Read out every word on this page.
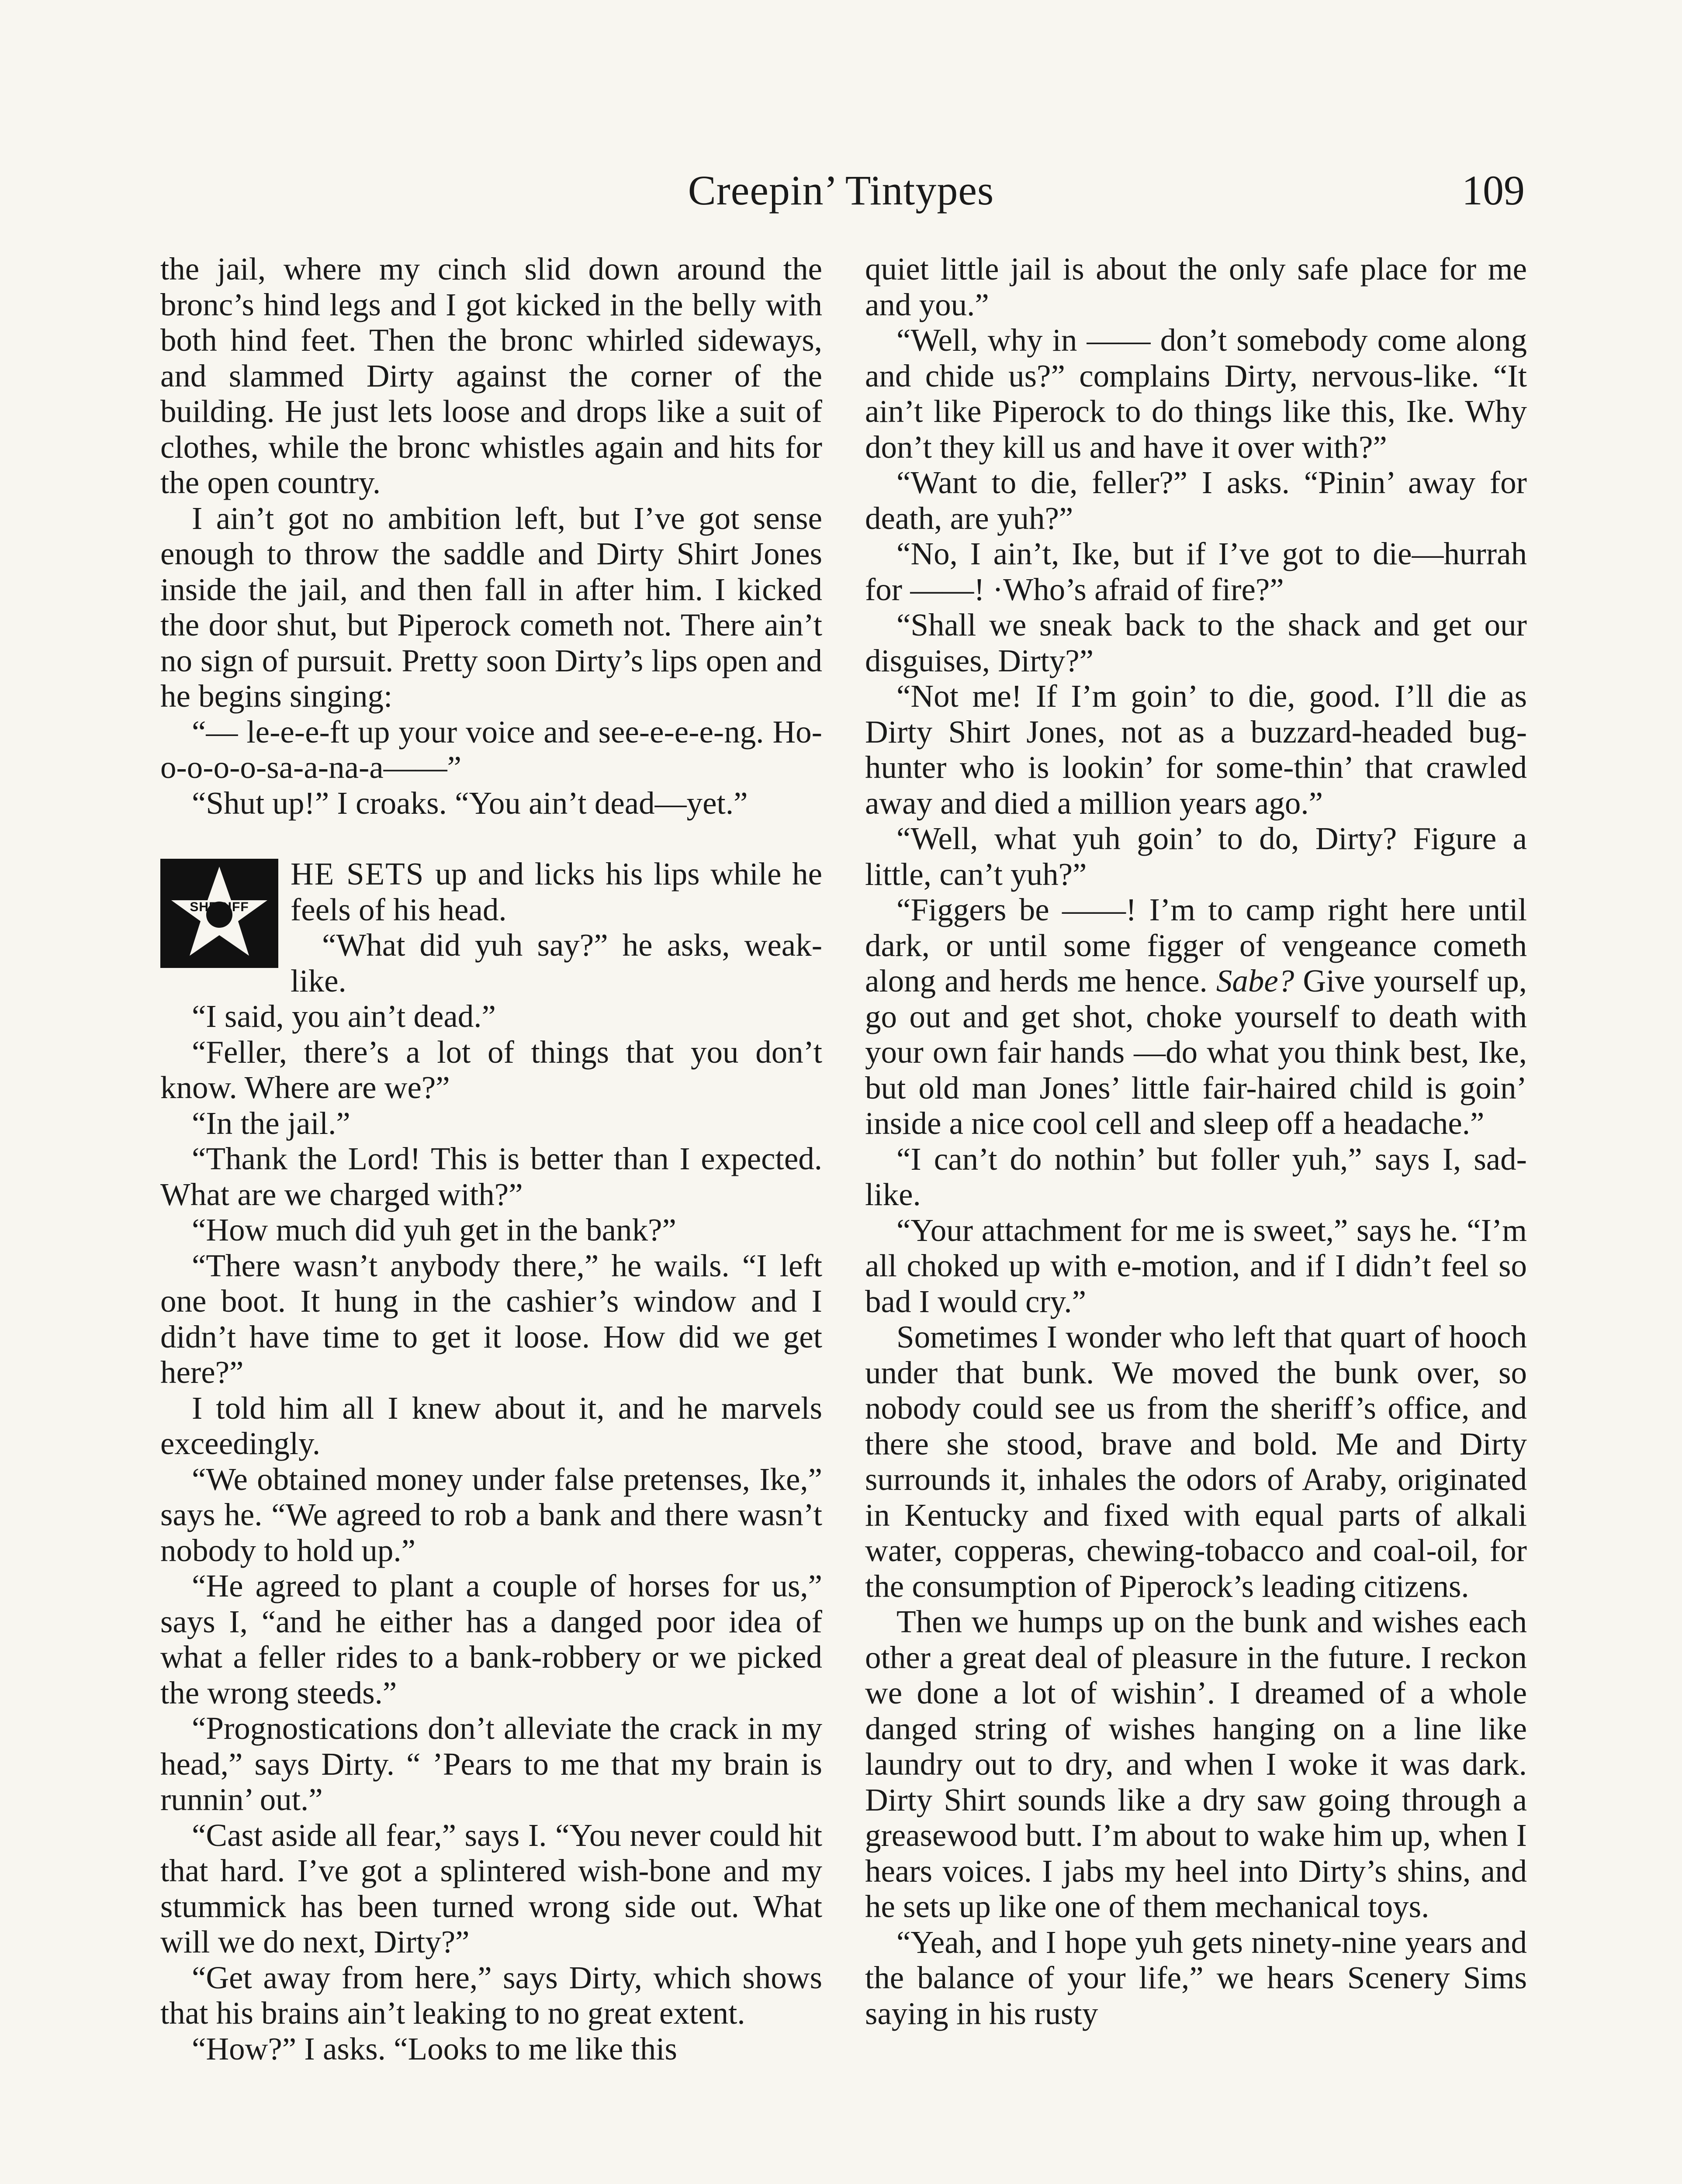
Creepin’ Tintypes	109

the jail, where my cinch slid down around the bronc’s hind legs and I got kicked in the belly with both hind feet. Then the bronc whirled sideways, and slammed Dirty against the corner of the building. He just lets loose and drops like a suit of clothes, while the bronc whistles again and hits for the open country.

I ain’t got no ambition left, but I’ve got sense enough to throw the saddle and Dirty Shirt Jones inside the jail, and then fall in after him. I kicked the door shut, but Piperock cometh not. There ain’t no sign of pursuit. Pretty soon Dirty’s lips open and he begins singing:

“— le-e-e-ft up your voice and see-e-e-e-ng. Ho-o-o-o-o-sa-a-na-a——”

“Shut up!” I croaks. “You ain’t dead—yet.”

SHERIFF

HE SETS up and licks his lips while he feels of his head.

“What did yuh say?” he asks, weak-like.

“I said, you ain’t dead.”

“Feller, there’s a lot of things that you don’t know. Where are we?”

“In the jail.”

“Thank the Lord! This is better than I expected. What are we charged with?”

“How much did yuh get in the bank?”

“There wasn’t anybody there,” he wails. “I left one boot. It hung in the cashier’s window and I didn’t have time to get it loose. How did we get here?”

I told him all I knew about it, and he marvels exceedingly.

“We obtained money under false pretenses, Ike,” says he. “We agreed to rob a bank and there wasn’t nobody to hold up.”

“He agreed to plant a couple of horses for us,” says I, “and he either has a danged poor idea of what a feller rides to a bank-robbery or we picked the wrong steeds.”

“Prognostications don’t alleviate the crack in my head,” says Dirty. “ ’Pears to me that my brain is runnin’ out.”

“Cast aside all fear,” says I. “You never could hit that hard. I’ve got a splintered wish-bone and my stummick has been turned wrong side out. What will we do next, Dirty?”

“Get away from here,” says Dirty, which shows that his brains ain’t leaking to no great extent.

“How?” I asks. “Looks to me like this

quiet little jail is about the only safe place for me and you.”

“Well, why in —— don’t somebody come along and chide us?” complains Dirty, nervous-like. “It ain’t like Piperock to do things like this, Ike. Why don’t they kill us and have it over with?”

“Want to die, feller?” I asks. “Pinin’ away for death, are yuh?”

“No, I ain’t, Ike, but if I’ve got to die—hurrah for ——! ·Who’s afraid of fire?”

“Shall we sneak back to the shack and get our disguises, Dirty?”

“Not me! If I’m goin’ to die, good. I’ll die as Dirty Shirt Jones, not as a buzzard-headed bug-hunter who is lookin’ for some-thin’ that crawled away and died a million years ago.”

“Well, what yuh goin’ to do, Dirty? Figure a little, can’t yuh?”

“Figgers be ——! I’m to camp right here until dark, or until some figger of vengeance cometh along and herds me hence. Sabe? Give yourself up, go out and get shot, choke yourself to death with your own fair hands —do what you think best, Ike, but old man Jones’ little fair-haired child is goin’ inside a nice cool cell and sleep off a headache.”

“I can’t do nothin’ but foller yuh,” says I, sad-like.

“Your attachment for me is sweet,” says he. “I’m all choked up with e-motion, and if I didn’t feel so bad I would cry.”

Sometimes I wonder who left that quart of hooch under that bunk. We moved the bunk over, so nobody could see us from the sheriff’s office, and there she stood, brave and bold. Me and Dirty surrounds it, inhales the odors of Araby, originated in Kentucky and fixed with equal parts of alkali water, copperas, chewing-tobacco and coal-oil, for the consumption of Piperock’s leading citizens.

Then we humps up on the bunk and wishes each other a great deal of pleasure in the future. I reckon we done a lot of wishin’. I dreamed of a whole danged string of wishes hanging on a line like laundry out to dry, and when I woke it was dark. Dirty Shirt sounds like a dry saw going through a greasewood butt. I’m about to wake him up, when I hears voices. I jabs my heel into Dirty’s shins, and he sets up like one of them mechanical toys.

“Yeah, and I hope yuh gets ninety-nine years and the balance of your life,” we hears Scenery Sims saying in his rusty
